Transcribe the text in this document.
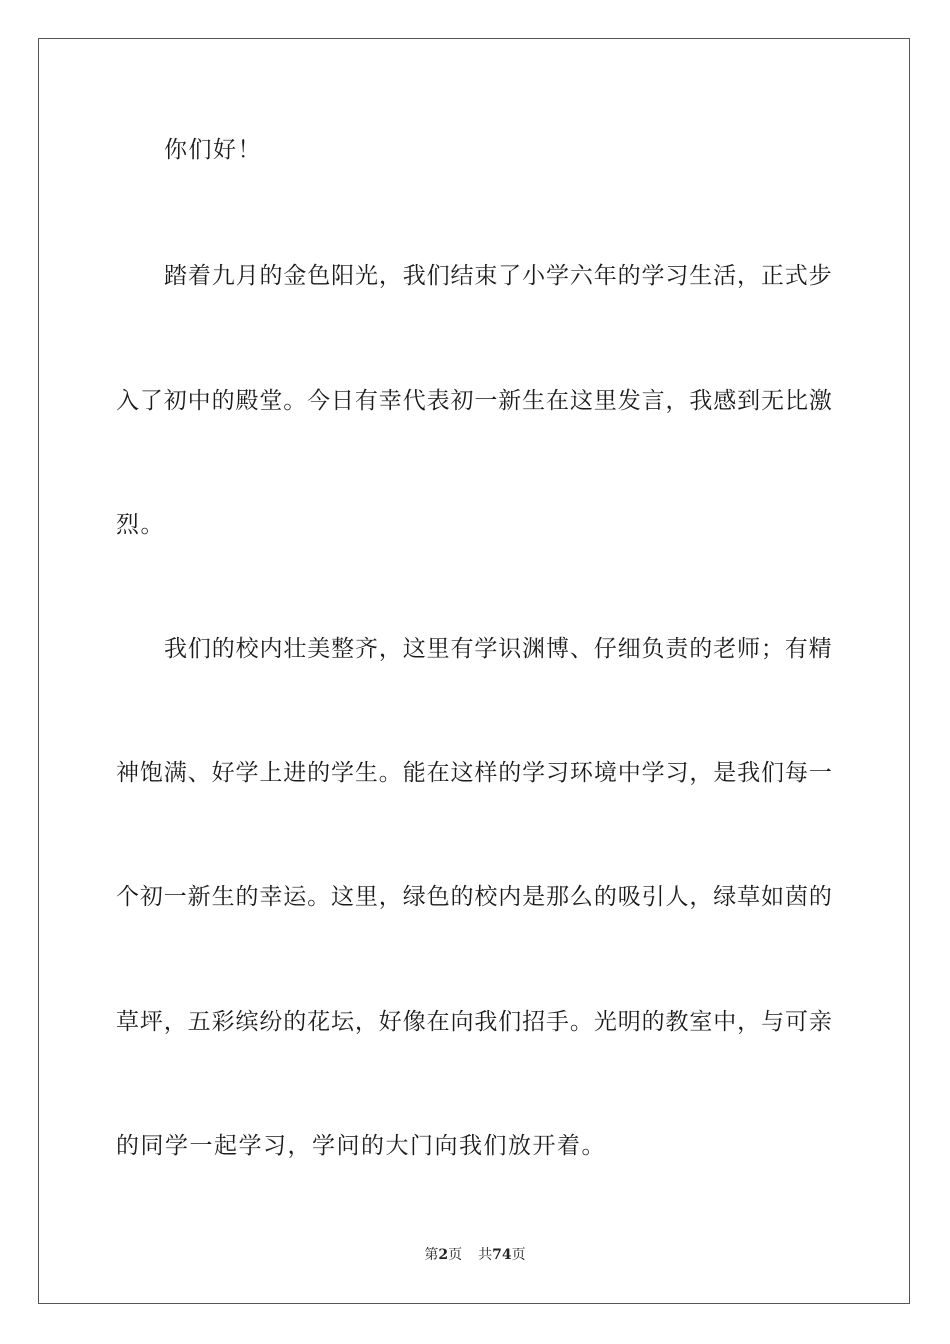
你们好！
踏 着 九 月 的 金 色 阳 光 ， 我 们 结 束 了 小 学 六 年 的 学 习 生 活 ， 正 式 步
入 了 初 中 的 殿 堂 。 今 日 有 幸 代 表 初 一 新 生 在 这 里 发 言 ， 我 感 到 无 比 激
烈。
我 们 的 校 内 壮 美 整 齐 ， 这 里 有 学 识 渊 博 、 仔 细 负 责 的 老 师 ； 有 精
神 饱 满 、 好 学 上 进 的 学 生 。 能 在 这 样 的 学 习 环 境 中 学 习 ， 是 我 们 每 一
个 初 一 新 生 的 幸 运 。 这 里 ， 绿 色 的 校 内 是 那 么 的 吸 引 人 ， 绿 草 如 茵 的
草 坪 ， 五 彩 缤 纷 的 花 坛 ， 好 像 在 向 我 们 招 手 。 光 明 的 教 室 中 ， 与 可 亲
的同学一起学习，学问的大门向我们放开着。
第2页 共74页
